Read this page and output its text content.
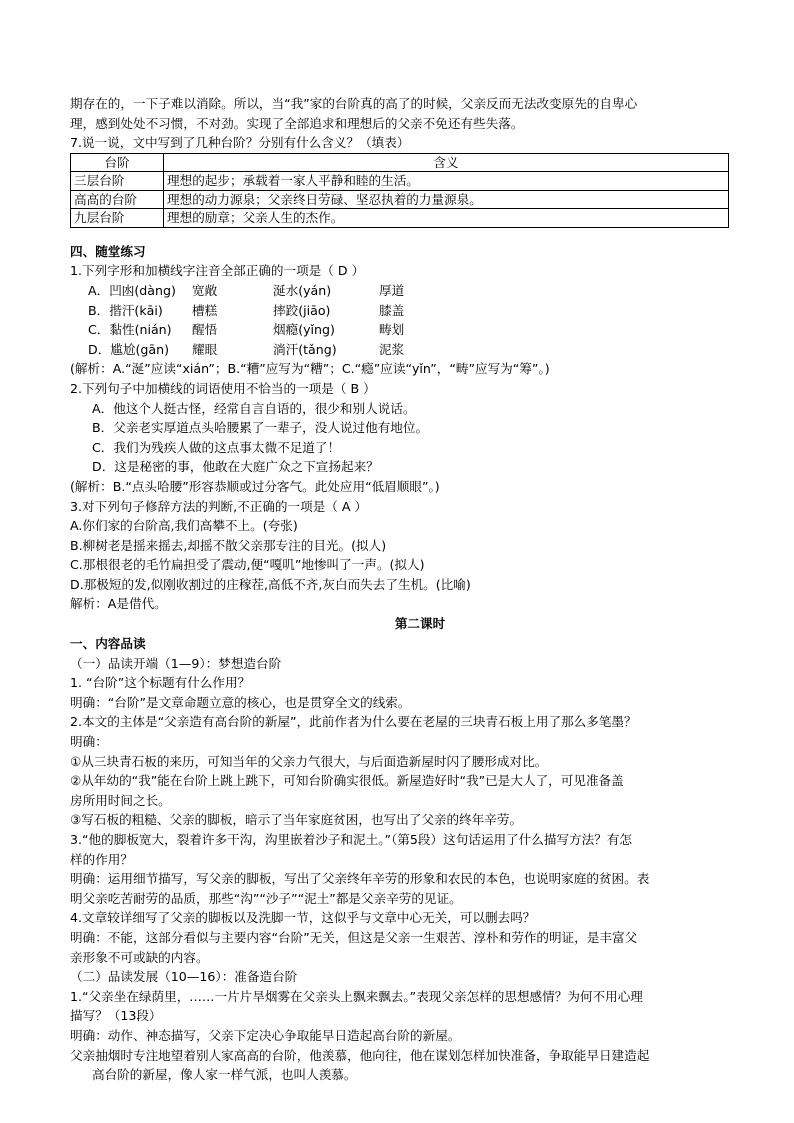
期存在的，一下子难以消除。所以，当“我”家的台阶真的高了的时候，父亲反而无法改变原先的自卑心
理，感到处处不习惯，不对劲。实现了全部追求和理想后的父亲不免还有些失落。
7.说一说，文中写到了几种台阶？分别有什么含义？（填表）
台阶	含义
三层台阶	理想的起步；承载着一家人平静和睦的生活。
高高的台阶	理想的动力源泉；父亲终日劳碌、坚忍执着的力量源泉。
九层台阶	理想的励章；父亲人生的杰作。
四、随堂练习
1.下列字形和加横线字注音全部正确的一项是（ D ）
A．凹凼(dàng)	宽敞	涎水(yán)	厚道
B．揩汗(kāi)	槽糕	摔跤(jiāo)	膝盖
C．黏性(nián)	醒悟	烟瘾(yǐng)	畴划
D．尴尬(gān)	耀眼	淌汗(tǎng)	泥浆
(解析：A.“涎”应读“xián”；B.“糟”应写为“糟”；C.“瘾”应读“yǐn”，“畴”应写为“筹”。)
2.下列句子中加横线的词语使用不恰当的一项是（ B ）
A．他这个人挺古怪，经常自言自语的，很少和别人说话。
B．父亲老实厚道点头哈腰累了一辈子，没人说过他有地位。
C．我们为残疾人做的这点事太微不足道了！
D．这是秘密的事，他敢在大庭广众之下宣扬起来？
(解析：B.“点头哈腰”形容恭顺或过分客气。此处应用“低眉顺眼”。)
3.对下列句子修辞方法的判断,不正确的一项是（ A ）
A.你们家的台阶高,我们高攀不上。(夸张)
B.柳树老是摇来摇去,却摇不散父亲那专注的目光。(拟人)
C.那根很老的毛竹扁担受了震动,便“嘎叽”地惨叫了一声。(拟人)
D.那极短的发,似刚收割过的庄稼茬,高低不齐,灰白而失去了生机。(比喻)
解析：A是借代。
第二课时
一、内容品读
（一）品读开端（1—9）：梦想造台阶
1. “台阶”这个标题有什么作用？
明确：“台阶”是文章命题立意的核心，也是贯穿全文的线索。
2.本文的主体是“父亲造有高台阶的新屋”，此前作者为什么要在老屋的三块青石板上用了那么多笔墨？
明确：
①从三块青石板的来历，可知当年的父亲力气很大，与后面造新屋时闪了腰形成对比。
②从年幼的“我”能在台阶上跳上跳下，可知台阶确实很低。新屋造好时“我”已是大人了，可见准备盖
房所用时间之长。
③写石板的粗糙、父亲的脚板，暗示了当年家庭贫困，也写出了父亲的终年辛劳。
3.“他的脚板宽大，裂着许多干沟，沟里嵌着沙子和泥土。”（第5段）这句话运用了什么描写方法？有怎
样的作用？
明确：运用细节描写，写父亲的脚板，写出了父亲终年辛劳的形象和农民的本色，也说明家庭的贫困。表
明父亲吃苦耐劳的品质，那些“沟”“沙子”“泥土”都是父亲辛劳的见证。
4.文章较详细写了父亲的脚板以及洗脚一节，这似乎与文章中心无关，可以删去吗？
明确：不能，这部分看似与主要内容“台阶”无关，但这是父亲一生艰苦、淳朴和劳作的明证，是丰富父
亲形象不可或缺的内容。
（二）品读发展（10—16）：准备造台阶
1.“父亲坐在绿荫里，……一片片旱烟雾在父亲头上飘来飘去。”表现父亲怎样的思想感情？为何不用心理
描写？（13段）
明确：动作、神态描写，父亲下定决心争取能早日造起高台阶的新屋。
父亲抽烟时专注地望着别人家高高的台阶，他羡慕，他向往，他在谋划怎样加快准备，争取能早日建造起
高台阶的新屋，像人家一样气派，也叫人羡慕。
